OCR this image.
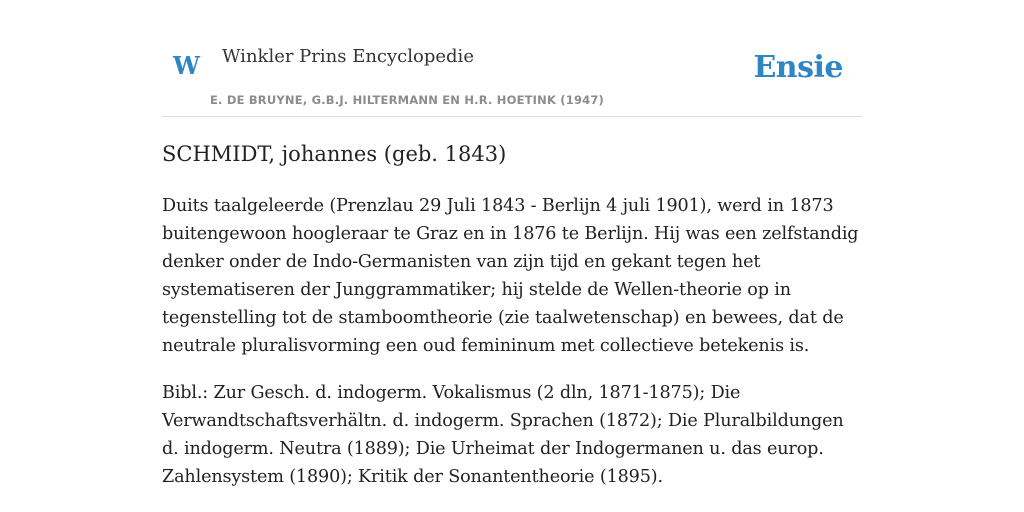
W Winkler Prins Encyclopedie
E. DE BRUYNE, G.B.J. HILTERMANN EN H.R. HOETINK (1947)
Ensie
SCHMIDT, johannes (geb. 1843)

Duits taalgeleerde (Prenzlau 29 Juli 1843 - Berlijn 4 juli 1901), werd in 1873 buitengewoon hoogleraar te Graz en in 1876 te Berlijn. Hij was een zelfstandig denker onder de Indo-Germanisten van zijn tijd en gekant tegen het systematiseren der Junggrammatiker; hij stelde de Wellen-theorie op in tegenstelling tot de stamboomtheorie (zie taalwetenschap) en bewees, dat de neutrale pluralisvorming een oud femininum met collectieve betekenis is.

Bibl.: Zur Gesch. d. indogerm. Vokalismus (2 dln, 1871-1875); Die Verwandtschaftsverhältn. d. indogerm. Sprachen (1872); Die Pluralbildungen d. indogerm. Neutra (1889); Die Urheimat der Indogermanen u. das europ. Zahlensystem (1890); Kritik der Sonantentheorie (1895).
